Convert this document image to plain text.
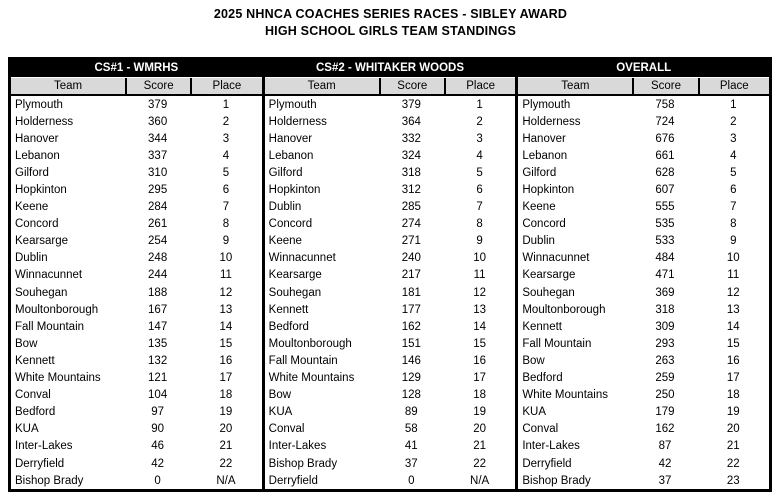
2025 NHNCA COACHES SERIES RACES - SIBLEY AWARD
HIGH SCHOOL GIRLS TEAM STANDINGS
CS#1 - WMRHS
Team	Score	Place
Plymouth	379	1
Holderness	360	2
Hanover	344	3
Lebanon	337	4
Gilford	310	5
Hopkinton	295	6
Keene	284	7
Concord	261	8
Kearsarge	254	9
Dublin	248	10
Winnacunnet	244	11
Souhegan	188	12
Moultonborough	167	13
Fall Mountain	147	14
Bow	135	15
Kennett	132	16
White Mountains	121	17
Conval	104	18
Bedford	97	19
KUA	90	20
Inter-Lakes	46	21
Derryfield	42	22
Bishop Brady	0	N/A
CS#2 - WHITAKER WOODS
Team	Score	Place
Plymouth	379	1
Holderness	364	2
Hanover	332	3
Lebanon	324	4
Gilford	318	5
Hopkinton	312	6
Dublin	285	7
Concord	274	8
Keene	271	9
Winnacunnet	240	10
Kearsarge	217	11
Souhegan	181	12
Kennett	177	13
Bedford	162	14
Moultonborough	151	15
Fall Mountain	146	16
White Mountains	129	17
Bow	128	18
KUA	89	19
Conval	58	20
Inter-Lakes	41	21
Bishop Brady	37	22
Derryfield	0	N/A
OVERALL
Team	Score	Place
Plymouth	758	1
Holderness	724	2
Hanover	676	3
Lebanon	661	4
Gilford	628	5
Hopkinton	607	6
Keene	555	7
Concord	535	8
Dublin	533	9
Winnacunnet	484	10
Kearsarge	471	11
Souhegan	369	12
Moultonborough	318	13
Kennett	309	14
Fall Mountain	293	15
Bow	263	16
Bedford	259	17
White Mountains	250	18
KUA	179	19
Conval	162	20
Inter-Lakes	87	21
Derryfield	42	22
Bishop Brady	37	23
